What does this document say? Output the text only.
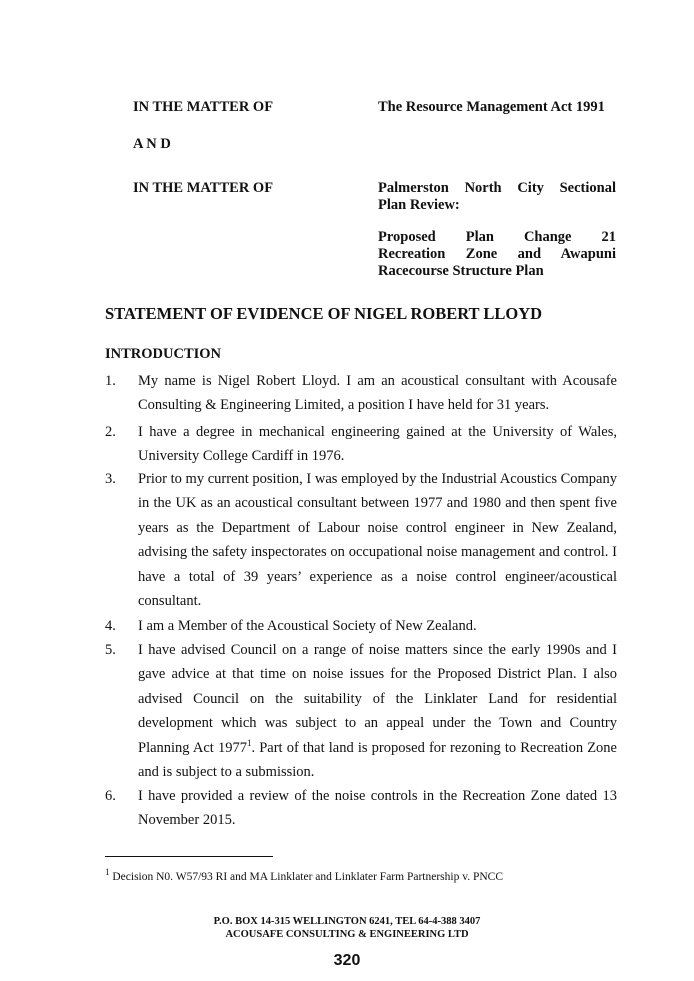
IN THE MATTER OF	The Resource Management Act 1991
A N D
IN THE MATTER OF	Palmerston North City Sectional
Plan Review:
Proposed Plan Change 21
Recreation Zone and Awapuni
Racecourse Structure Plan
STATEMENT OF EVIDENCE OF NIGEL ROBERT LLOYD
INTRODUCTION
1. My name is Nigel Robert Lloyd. I am an acoustical consultant with Acousafe Consulting & Engineering Limited, a position I have held for 31 years.
2. I have a degree in mechanical engineering gained at the University of Wales, University College Cardiff in 1976.
3. Prior to my current position, I was employed by the Industrial Acoustics Company in the UK as an acoustical consultant between 1977 and 1980 and then spent five years as the Department of Labour noise control engineer in New Zealand, advising the safety inspectorates on occupational noise management and control. I have a total of 39 years’ experience as a noise control engineer/acoustical consultant.
4. I am a Member of the Acoustical Society of New Zealand.
5. I have advised Council on a range of noise matters since the early 1990s and I gave advice at that time on noise issues for the Proposed District Plan. I also advised Council on the suitability of the Linklater Land for residential development which was subject to an appeal under the Town and Country Planning Act 1977$^1$. Part of that land is proposed for rezoning to Recreation Zone and is subject to a submission.
6. I have provided a review of the noise controls in the Recreation Zone dated 13 November 2015.
$^1$ Decision N0. W57/93 RI and MA Linklater and Linklater Farm Partnership v. PNCC
P.O. BOX 14-315 WELLINGTON 6241, TEL 64-4-388 3407
ACOUSAFE CONSULTING & ENGINEERING LTD
320
